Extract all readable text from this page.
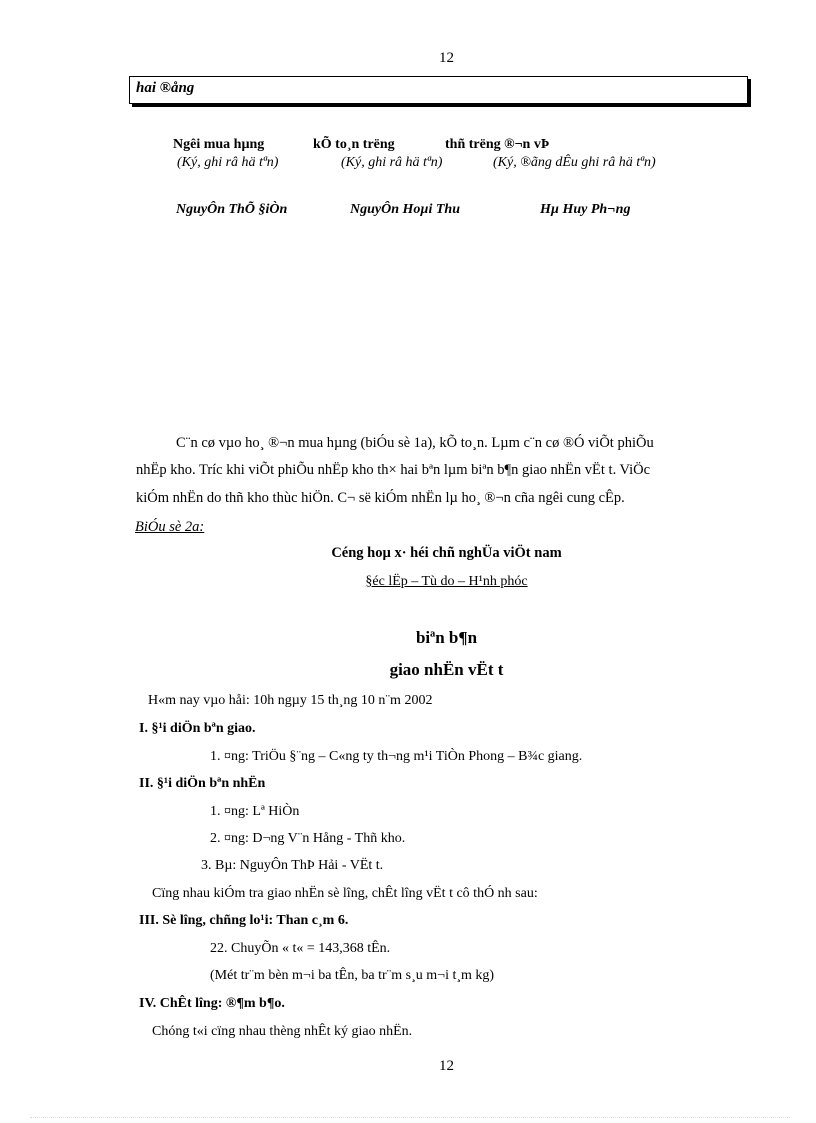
12
hai ®ång
Ngêi mua hµng	kÕ to¸n trëng	thñ trëng ®¬n vÞ
(Ký, ghi râ hä tªn)	(Ký, ghi râ hä tªn)	(Ký, ®ãng dÊu ghi râ hä tªn)
NguyÔn ThÕ §iÒn	NguyÔn Hoµi Thu	Hµ Huy Ph¬ng
C¨n cø vµo ho¸ ®¬n mua hµng (biÓu sè 1a), kÕ to¸n. Lµm c¨n cø ®Ó viÕt phiÕu
nhËp kho. Tríc khi viÕt phiÕu nhËp kho th× hai bªn lµm biªn b¶n giao nhËn vËt t. ViÖc
kiÓm nhËn do thñ kho thùc hiÖn. C¬ së kiÓm nhËn lµ ho¸ ®¬n cña ngêi cung cÊp.
BiÓu sè 2a:
Céng hoµ x· héi chñ nghÜa viÖt nam
§éc lËp – Tù do – H¹nh phóc
biªn b¶n
giao nhËn vËt t
H«m nay vµo håi: 10h ngµy 15 th¸ng 10 n¨m 2002
I. §¹i diÖn bªn giao.
1. ¤ng: TriÖu §¨ng – C«ng ty th¬ng m¹i TiÒn Phong – B¾c giang.
II. §¹i diÖn bªn nhËn
1. ¤ng: Lª HiÒn
2. ¤ng: D¬ng V¨n Hång - Thñ kho.
3. Bµ: NguyÔn ThÞ Hải - VËt t.
Cïng nhau kiÓm tra giao nhËn sè lîng, chÊt lîng vËt t cô thÓ nh sau:
III. Sè lîng, chñng lo¹i: Than c¸m 6.
22. ChuyÕn « t« = 143,368 tÊn.
(Mét tr¨m bèn m¬i ba tÊn, ba tr¨m s¸u m¬i t¸m kg)
IV. ChÊt lîng: ®¶m b¶o.
Chóng t«i cïng nhau thèng nhÊt ký giao nhËn.
12
